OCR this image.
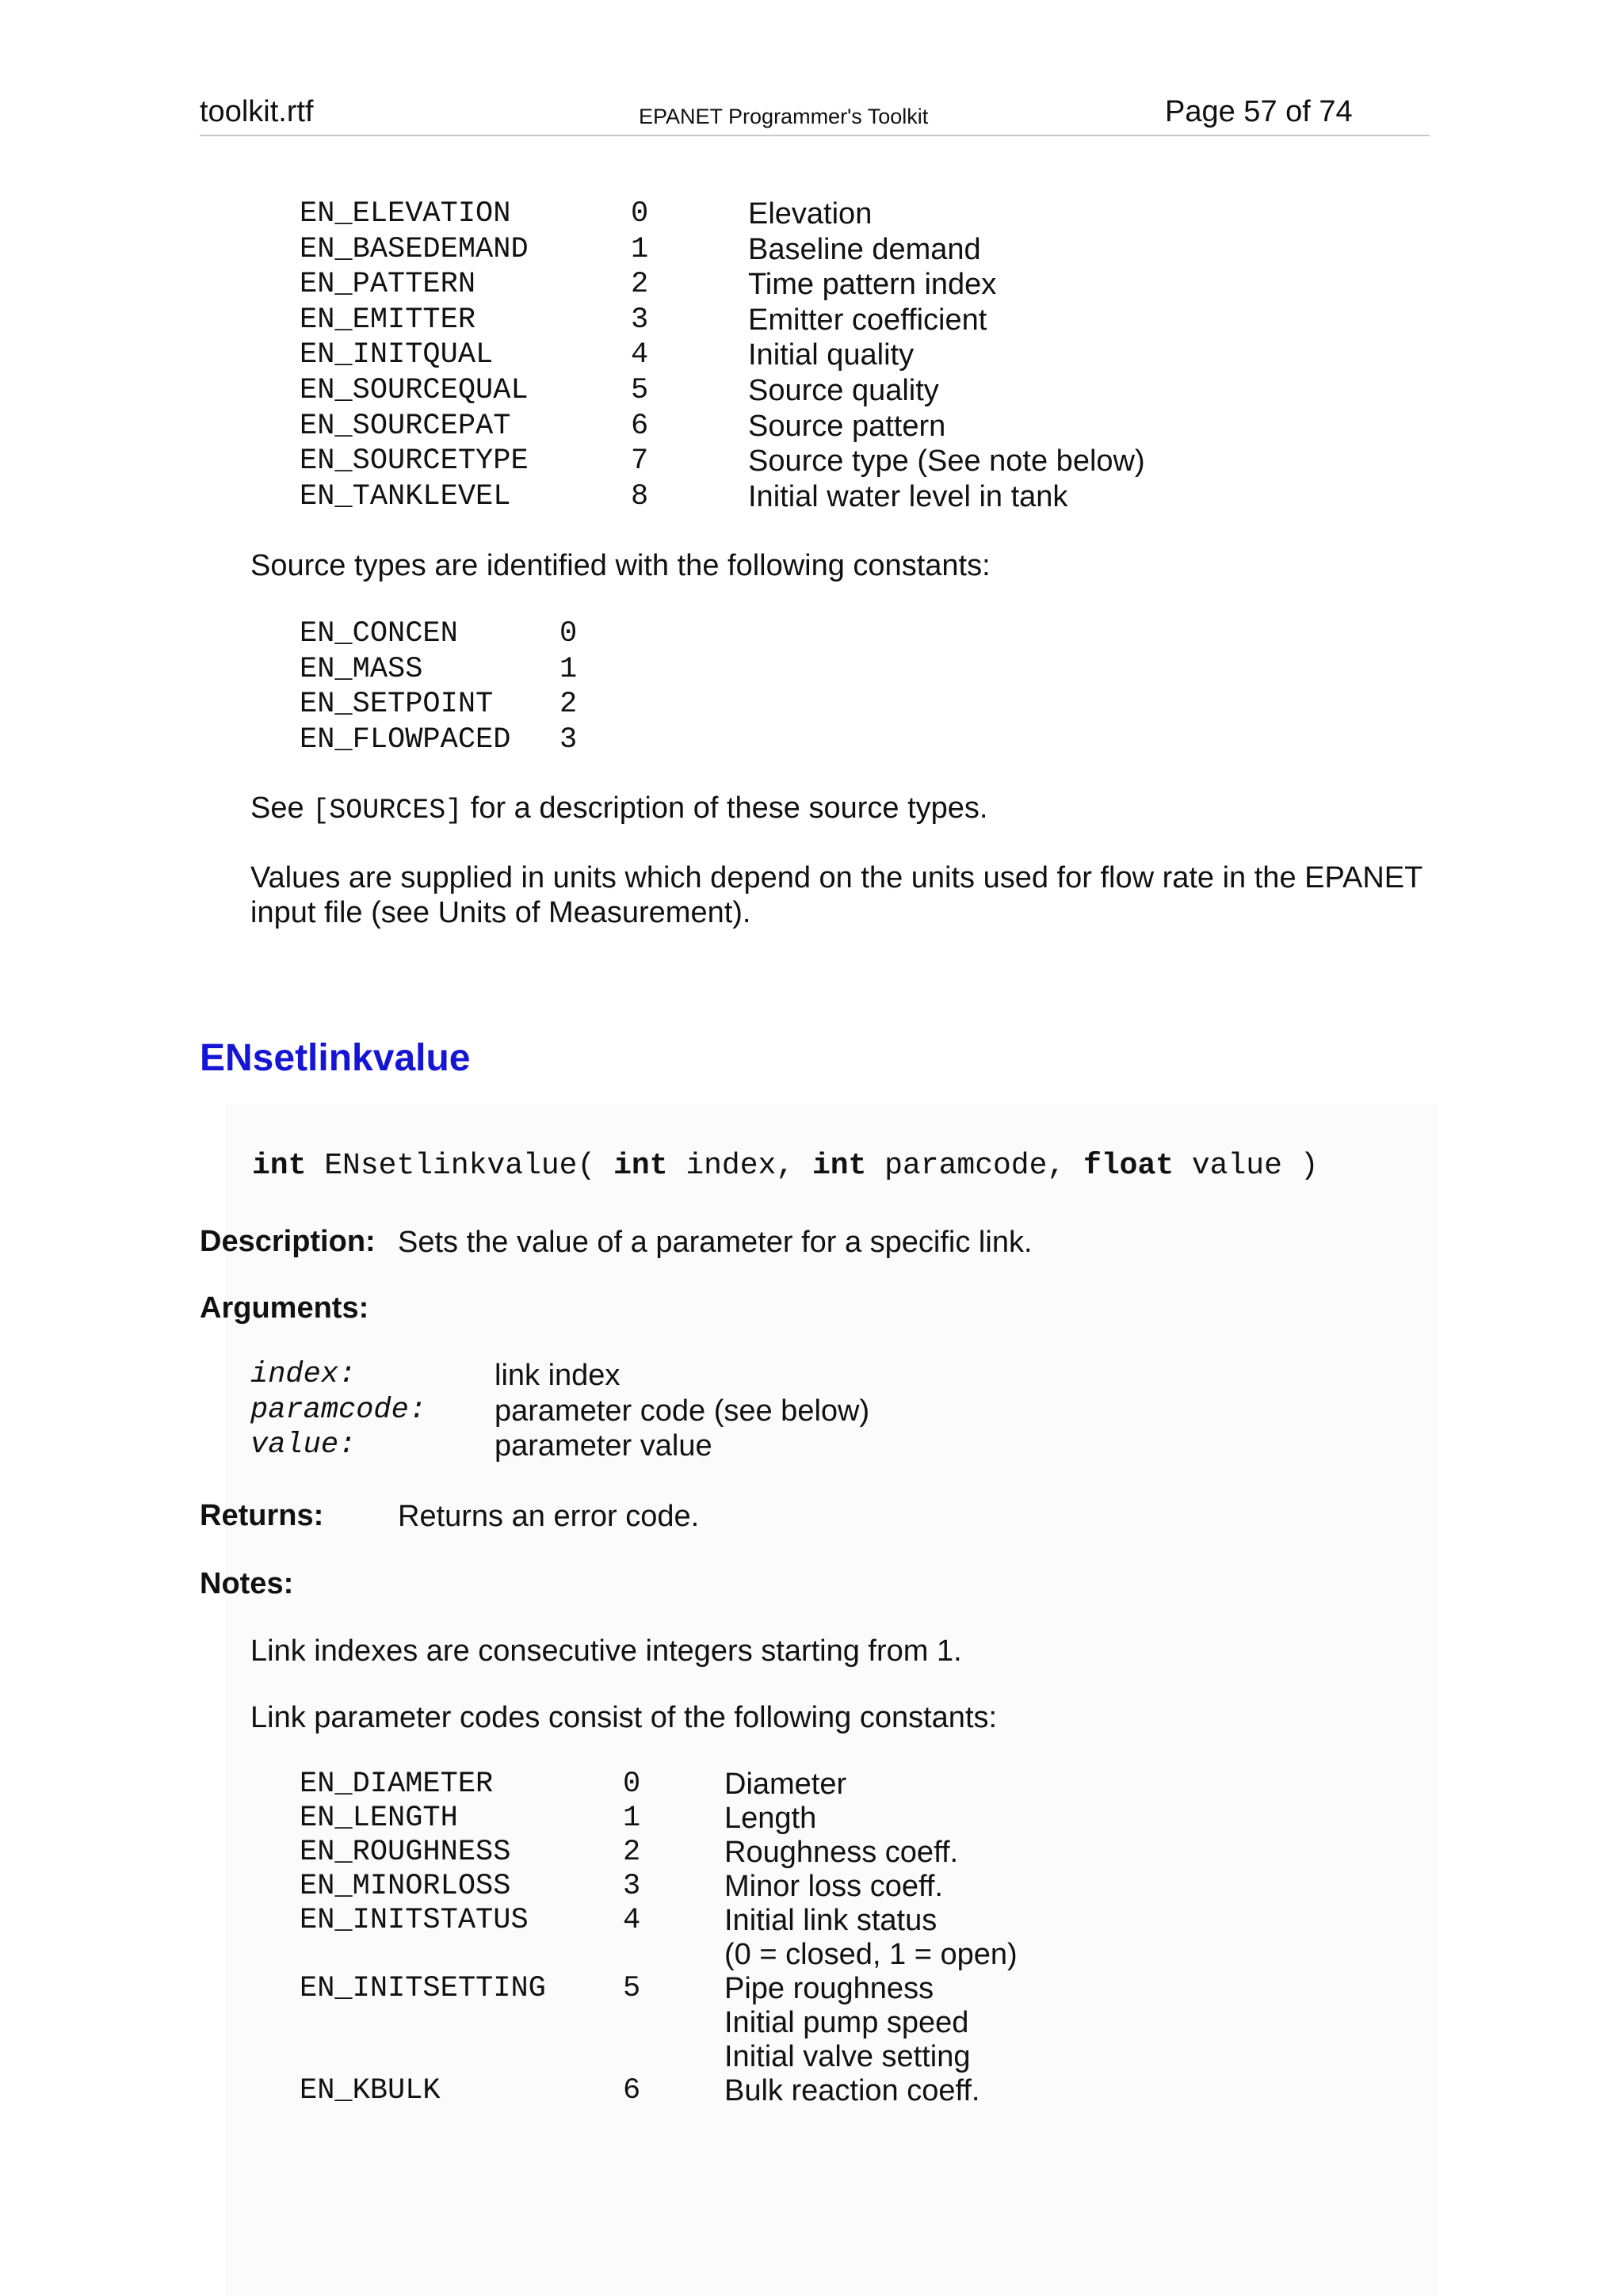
toolkit.rtf	EPANET Programmer's Toolkit	Page 57 of 74
EN_ELEVATION	0	Elevation
EN_BASEDEMAND	1	Baseline demand
EN_PATTERN	2	Time pattern index
EN_EMITTER	3	Emitter coefficient
EN_INITQUAL	4	Initial quality
EN_SOURCEQUAL	5	Source quality
EN_SOURCEPAT	6	Source pattern
EN_SOURCETYPE	7	Source type (See note below)
EN_TANKLEVEL	8	Initial water level in tank
Source types are identified with the following constants:
EN_CONCEN	0
EN_MASS	1
EN_SETPOINT 2
EN_FLOWPACED 3
See [SOURCES] for a description of these source types.
Values are supplied in units which depend on the units used for flow rate in the EPANET
input file (see Units of Measurement).
ENsetlinkvalue
int ENsetlinkvalue( int index, int paramcode, float value )
Description: Sets the value of a parameter for a specific link.
Arguments:
index:	link index
paramcode: parameter code (see below)
value:	parameter value
Returns: Returns an error code.
Notes:
Link indexes are consecutive integers starting from 1.
Link parameter codes consist of the following constants:
EN_DIAMETER	0	Diameter
EN_LENGTH	1	Length
EN_ROUGHNESS	2	Roughness coeff.
EN_MINORLOSS	3	Minor loss coeff.
EN_INITSTATUS	4	Initial link status
(0 = closed, 1 = open)
EN_INITSETTING	5	Pipe roughness
Initial pump speed
Initial valve setting
EN_KBULK	6	Bulk reaction coeff.
